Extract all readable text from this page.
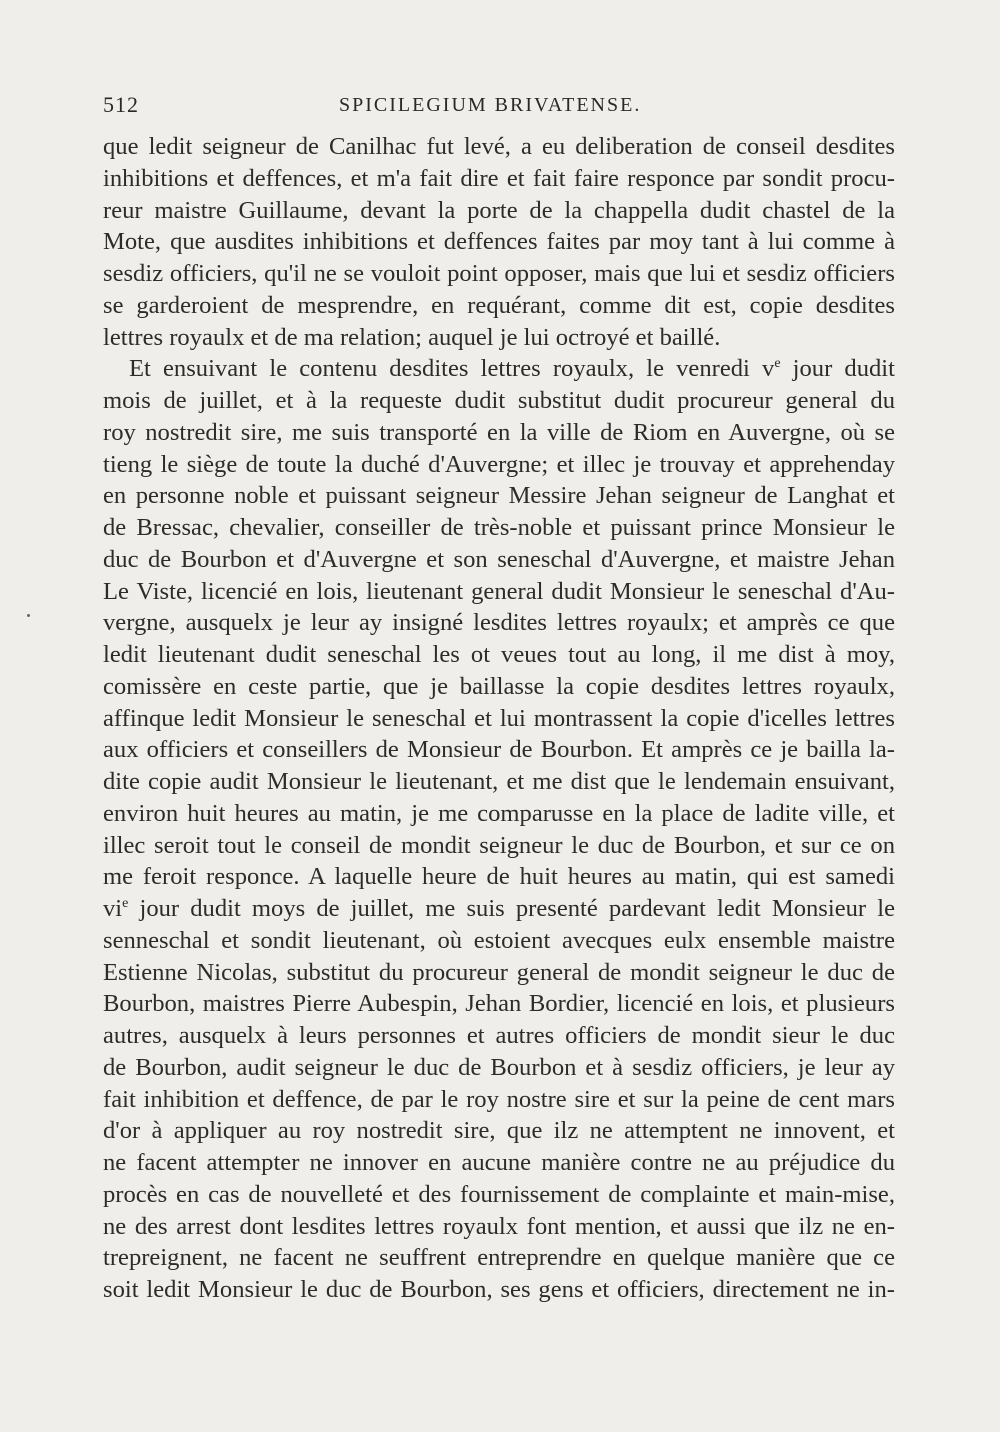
512	SPICILEGIUM BRIVATENSE.
que ledit seigneur de Canilhac fut levé, a eu deliberation de conseil desdites
inhibitions et deffences, et m'a fait dire et fait faire responce par sondit procu-
reur maistre Guillaume, devant la porte de la chappella dudit chastel de la
Mote, que ausdites inhibitions et deffences faites par moy tant à lui comme à
sesdiz officiers, qu'il ne se vouloit point opposer, mais que lui et sesdiz officiers
se garderoient de mesprendre, en requérant, comme dit est, copie desdites
lettres royaulx et de ma relation; auquel je lui octroyé et baillé.
Et ensuivant le contenu desdites lettres royaulx, le venredi $v^e$ jour dudit
mois de juillet, et à la requeste dudit substitut dudit procureur general du
roy nostredit sire, me suis transporté en la ville de Riom en Auvergne, où se
tieng le siège de toute la duché d'Auvergne; et illec je trouvay et apprehenday
en personne noble et puissant seigneur Messire Jehan seigneur de Langhat et
de Bressac, chevalier, conseiller de très-noble et puissant prince Monsieur le
duc de Bourbon et d'Auvergne et son seneschal d'Auvergne, et maistre Jehan
Le Viste, licencié en lois, lieutenant general dudit Monsieur le seneschal d'Au-
vergne, ausquelx je leur ay insigné lesdites lettres royaulx; et amprès ce que
ledit lieutenant dudit seneschal les ot veues tout au long, il me dist à moy,
comissère en ceste partie, que je baillasse la copie desdites lettres royaulx,
affinque ledit Monsieur le seneschal et lui montrassent la copie d'icelles lettres
aux officiers et conseillers de Monsieur de Bourbon. Et amprès ce je bailla la-
dite copie audit Monsieur le lieutenant, et me dist que le lendemain ensuivant,
environ huit heures au matin, je me comparusse en la place de ladite ville, et
illec seroit tout le conseil de mondit seigneur le duc de Bourbon, et sur ce on
me feroit responce. A laquelle heure de huit heures au matin, qui est samedi
$vi^e$ jour dudit moys de juillet, me suis presenté pardevant ledit Monsieur le
senneschal et sondit lieutenant, où estoient avecques eulx ensemble maistre
Estienne Nicolas, substitut du procureur general de mondit seigneur le duc de
Bourbon, maistres Pierre Aubespin, Jehan Bordier, licencié en lois, et plusieurs
autres, ausquelx à leurs personnes et autres officiers de mondit sieur le duc
de Bourbon, audit seigneur le duc de Bourbon et à sesdiz officiers, je leur ay
fait inhibition et deffence, de par le roy nostre sire et sur la peine de cent mars
d'or à appliquer au roy nostredit sire, que ilz ne attemptent ne innovent, et
ne facent attempter ne innover en aucune manière contre ne au préjudice du
procès en cas de nouvelleté et des fournissement de complainte et main-mise,
ne des arrest dont lesdites lettres royaulx font mention, et aussi que ilz ne en-
trepreignent, ne facent ne seuffrent entreprendre en quelque manière que ce
soit ledit Monsieur le duc de Bourbon, ses gens et officiers, directement ne in-
